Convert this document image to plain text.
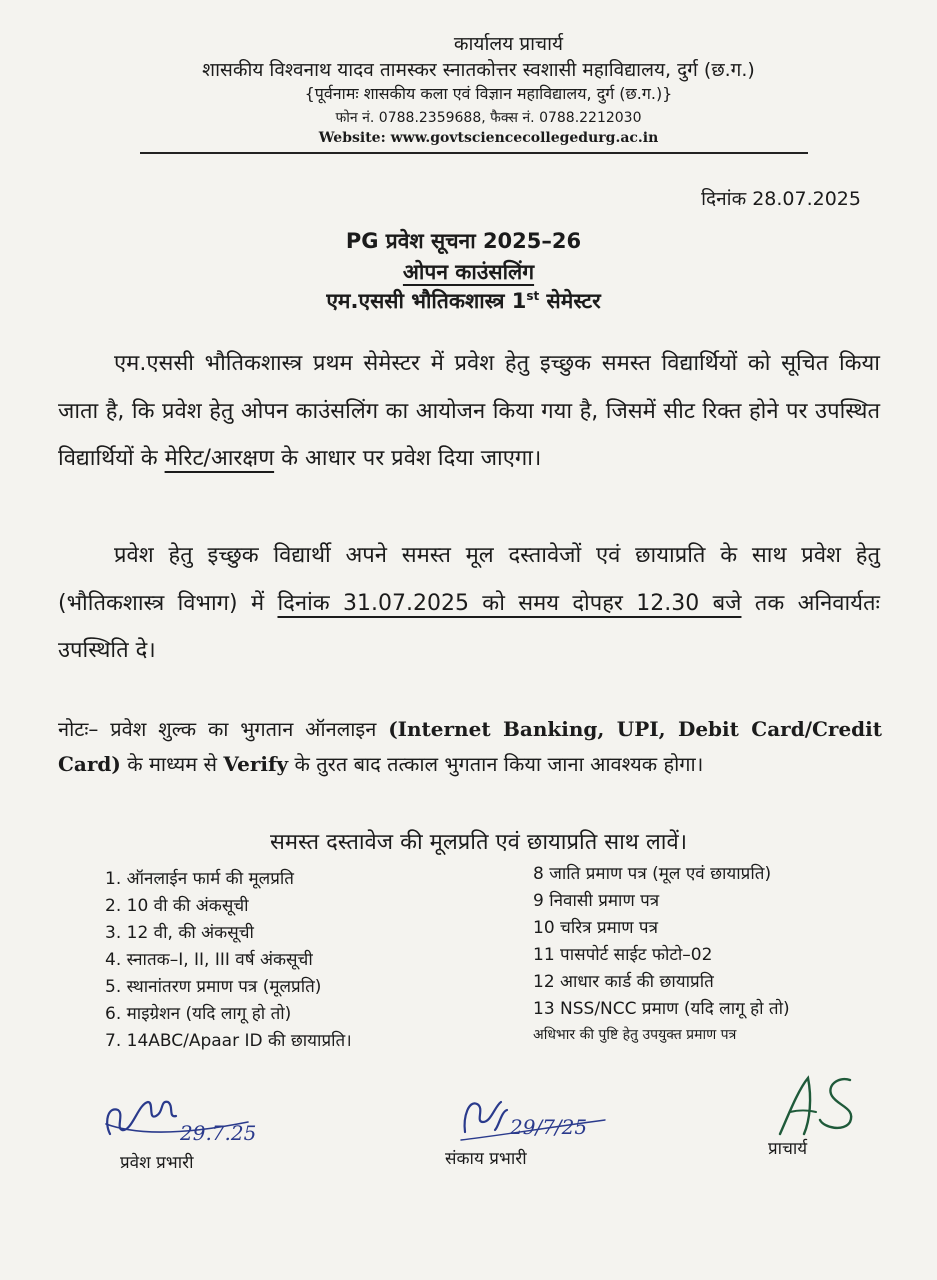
कार्यालय प्राचार्य
शासकीय विश्वनाथ यादव तामस्कर स्नातकोत्तर स्वशासी महाविद्यालय, दुर्ग (छ.ग.)
{पूर्वनामः शासकीय कला एवं विज्ञान महाविद्यालय, दुर्ग (छ.ग.)}
फोन नं. 0788.2359688, फैक्स नं. 0788.2212030
Website: www.govtsciencecollegedurg.ac.in
दिनांक 28.07.2025
PG प्रवेश सूचना 2025–26
ओपन काउंसलिंग
एम.एससी भौतिकशास्त्र 1st सेमेस्टर
एम.एससी भौतिकशास्त्र प्रथम सेमेस्टर में प्रवेश हेतु इच्छुक समस्त विद्यार्थियों को सूचित किया जाता है, कि प्रवेश हेतु ओपन काउंसलिंग का आयोजन किया गया है, जिसमें सीट रिक्त होने पर उपस्थित विद्यार्थियों के मेरिट/आरक्षण के आधार पर प्रवेश दिया जाएगा।
प्रवेश हेतु इच्छुक विद्यार्थी अपने समस्त मूल दस्तावेजों एवं छायाप्रति के साथ प्रवेश हेतु (भौतिकशास्त्र विभाग) में दिनांक 31.07.2025 को समय दोपहर 12.30 बजे तक अनिवार्यतः उपस्थिति दे।
नोटः– प्रवेश शुल्क का भुगतान ऑनलाइन (Internet Banking, UPI, Debit Card/Credit Card) के माध्यम से Verify के तुरत बाद तत्काल भुगतान किया जाना आवश्यक होगा।
समस्त दस्तावेज की मूलप्रति एवं छायाप्रति साथ लावें।
1. ऑनलाईन फार्म की मूलप्रति
2. 10 वी की अंकसूची
3. 12 वी, की अंकसूची
4. स्नातक–I, II, III वर्ष अंकसूची
5. स्थानांतरण प्रमाण पत्र (मूलप्रति)
6. माइग्रेशन (यदि लागू हो तो)
7. 14ABC/Apaar ID की छायाप्रति।
8 जाति प्रमाण पत्र (मूल एवं छायाप्रति)
9 निवासी प्रमाण पत्र
10 चरित्र प्रमाण पत्र
11 पासपोर्ट साईट फोटो–02
12 आधार कार्ड की छायाप्रति
13 NSS/NCC प्रमाण (यदि लागू हो तो)
अधिभार की पुष्टि हेतु उपयुक्त प्रमाण पत्र
29.7.25
प्रवेश प्रभारी
29/7/25
संकाय प्रभारी	प्राचार्य
